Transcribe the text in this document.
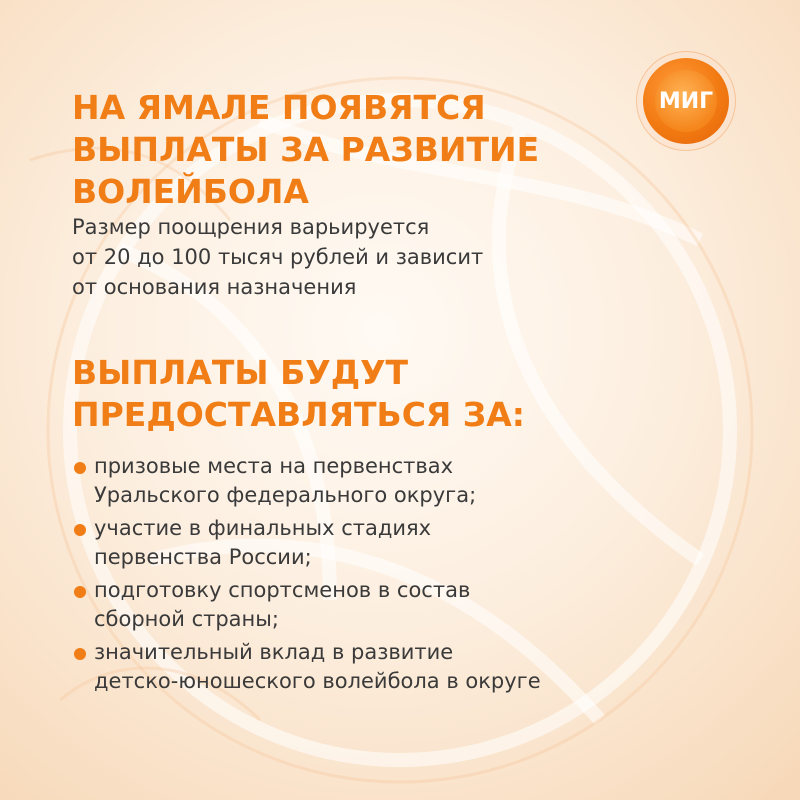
МИГ
НА ЯМАЛЕ ПОЯВЯТСЯ
ВЫПЛАТЫ ЗА РАЗВИТИЕ
ВОЛЕЙБОЛА

Размер поощрения варьируется
от 20 до 100 тысяч рублей и зависит
от основания назначения

ВЫПЛАТЫ БУДУТ
ПРЕДОСТАВЛЯТЬСЯ ЗА:
призовые места на первенствах
Уральского федерального округа;
участие в финальных стадиях
первенства России;
подготовку спортсменов в состав
сборной страны;
значительный вклад в развитие
детско-юношеского волейбола в округе
